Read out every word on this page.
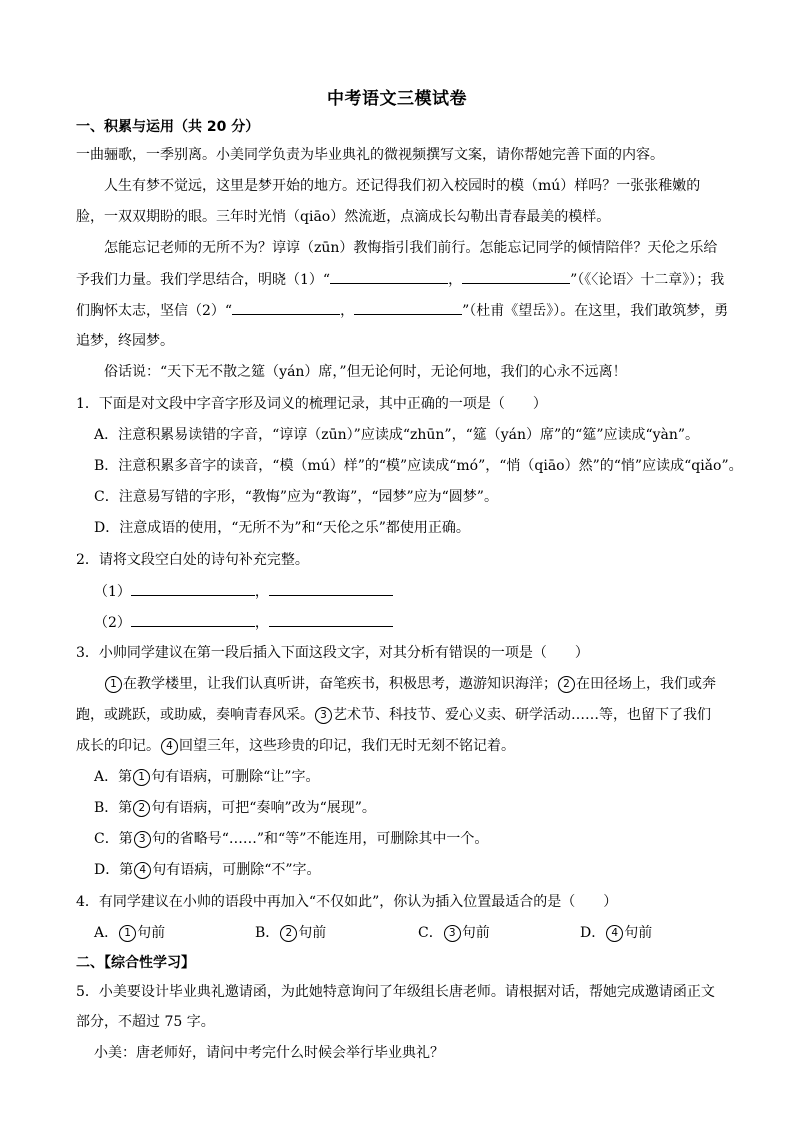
中考语文三模试卷
一、积累与运用（共 20 分）
一曲骊歌，一季别离。小美同学负责为毕业典礼的微视频撰写文案，请你帮她完善下面的内容。
人生有梦不觉远，这里是梦开始的地方。还记得我们初入校园时的模（mú）样吗？一张张稚嫩的
脸，一双双期盼的眼。三年时光悄（qiāo）然流逝，点滴成长勾勒出青春最美的模样。
怎能忘记老师的无所不为？谆谆（zūn）教悔指引我们前行。怎能忘记同学的倾情陪伴？天伦之乐给
予我们力量。我们学思结合，明晓（1）“	，	”（《〈论语〉十二章》）；我
们胸怀太志，坚信（2）“	，	”（杜甫《望岳》）。在这里，我们敢筑梦，勇
追梦，终园梦。
俗话说：“天下无不散之筵（yán）席，”但无论何时，无论何地，我们的心永不远离！
1．下面是对文段中字音字形及词义的梳理记录，其中正确的一项是（　　）
A．注意积累易读错的字音，“谆谆（zūn）”应读成“zhūn”，“筵（yán）席”的“筵”应读成“yàn”。
B．注意积累多音字的读音，“模（mú）样”的“模”应读成“mó”，“悄（qiāo）然”的“悄”应读成“qiǎo”。
C．注意易写错的字形，“教悔”应为“教诲”，“园梦”应为“圆梦”。
D．注意成语的使用，“无所不为”和“天伦之乐”都使用正确。
2．请将文段空白处的诗句补充完整。
（1）	，
（2）	，
3．小帅同学建议在第一段后插入下面这段文字，对其分析有错误的一项是（　　）
1 在教学楼里，让我们认真听讲，奋笔疾书，积极思考，遨游知识海洋； 2 在田径场上，我们或奔
跑，或跳跃，或助威，奏响青春风采。 3 艺术节、科技节、爱心义卖、研学活动……等，也留下了我们
成长的印记。 4 回望三年，这些珍贵的印记，我们无时无刻不铭记着。
A．第 1 句有语病，可删除“让”字。
B．第 2 句有语病，可把“奏响”改为“展现”。
C．第 3 句的省略号“……”和“等”不能连用，可删除其中一个。
D．第 4 句有语病，可删除“不”字。
4．有同学建议在小帅的语段中再加入“不仅如此”，你认为插入位置最适合的是（　　）
A． 1 句前	B． 2 句前	C． 3 句前	D． 4 句前
二、【综合性学习】
5．小美要设计毕业典礼邀请函，为此她特意询问了年级组长唐老师。请根据对话，帮她完成邀请函正文
部分，不超过 75 字。
小美：唐老师好，请问中考完什么时候会举行毕业典礼？
